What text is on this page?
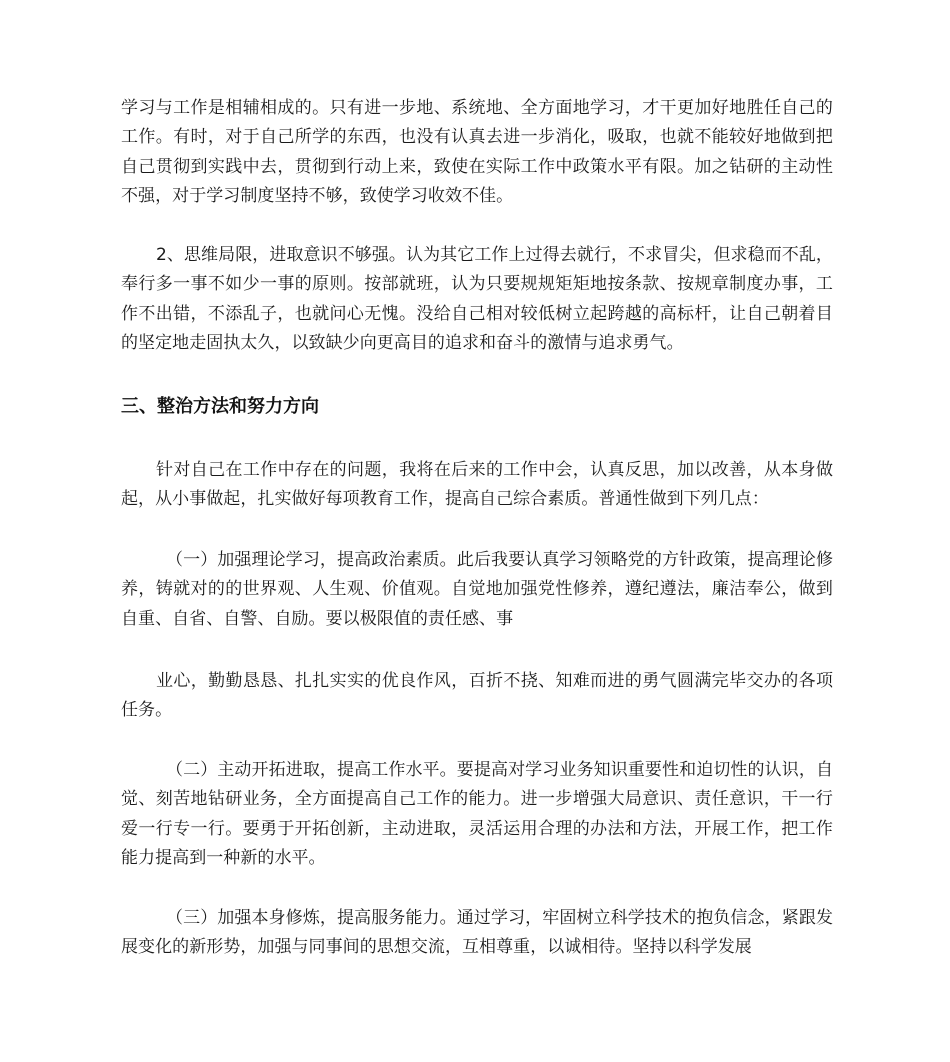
学习与工作是相辅相成的。只有进一步地、系统地、全方面地学习，才干更加好地胜任自己的工作。有时，对于自己所学的东西，也没有认真去进一步消化，吸取，也就不能较好地做到把自己贯彻到实践中去，贯彻到行动上来，致使在实际工作中政策水平有限。加之钻研的主动性不强，对于学习制度坚持不够，致使学习收效不佳。

2、思维局限，进取意识不够强。认为其它工作上过得去就行，不求冒尖，但求稳而不乱，奉行多一事不如少一事的原则。按部就班，认为只要规规矩矩地按条款、按规章制度办事，工作不出错，不添乱子，也就问心无愧。没给自己相对较低树立起跨越的高标杆，让自己朝着目的坚定地走固执太久，以致缺少向更高目的追求和奋斗的激情与追求勇气。

三、整治方法和努力方向

针对自己在工作中存在的问题，我将在后来的工作中会，认真反思，加以改善，从本身做起，从小事做起，扎实做好每项教育工作，提高自己综合素质。普通性做到下列几点：

（一）加强理论学习，提高政治素质。此后我要认真学习领略党的方针政策，提高理论修养，铸就对的的世界观、人生观、价值观。自觉地加强党性修养，遵纪遵法，廉洁奉公，做到自重、自省、自警、自励。要以极限值的责任感、事

业心，勤勤恳恳、扎扎实实的优良作风，百折不挠、知难而进的勇气圆满完毕交办的各项任务。

（二）主动开拓进取，提高工作水平。要提高对学习业务知识重要性和迫切性的认识，自觉、刻苦地钻研业务，全方面提高自己工作的能力。进一步增强大局意识、责任意识，干一行爱一行专一行。要勇于开拓创新，主动进取，灵活运用合理的办法和方法，开展工作，把工作能力提高到一种新的水平。

（三）加强本身修炼，提高服务能力。通过学习，牢固树立科学技术的抱负信念，紧跟发展变化的新形势，加强与同事间的思想交流，互相尊重，以诚相待。坚持以科学发展
